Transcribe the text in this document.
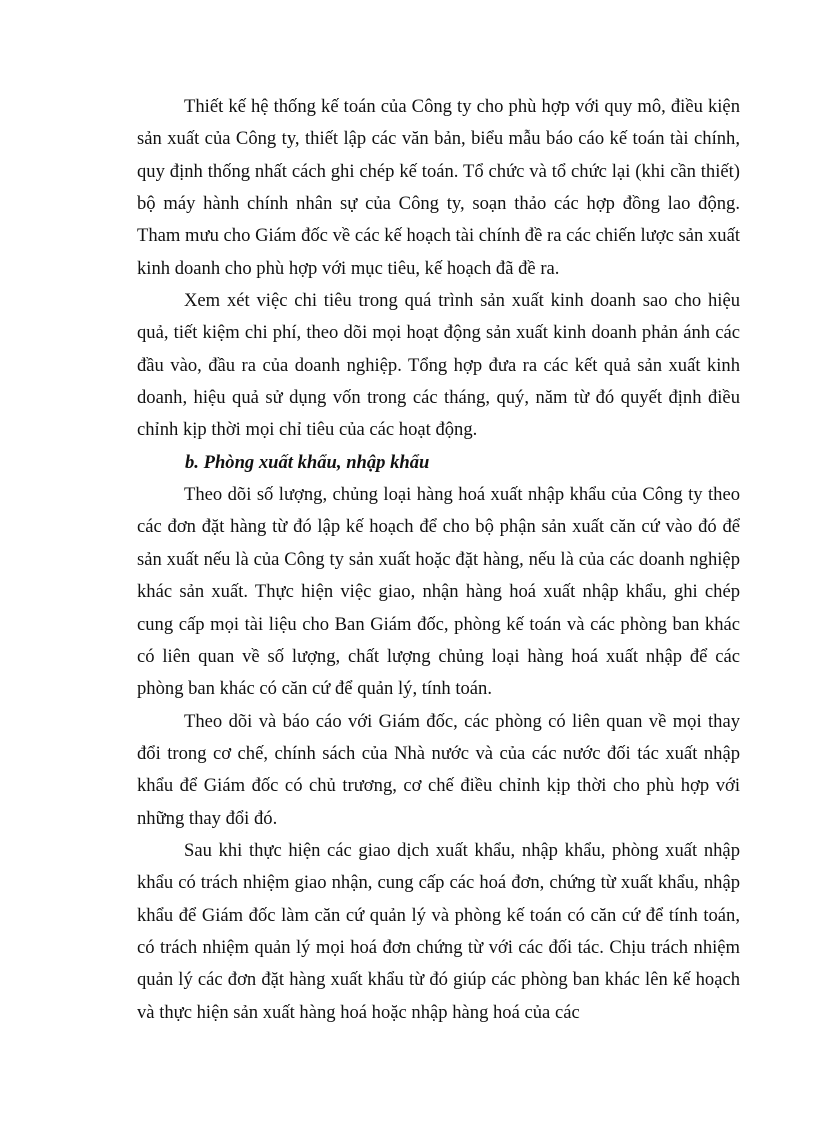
Thiết kế hệ thống kế toán của Công ty cho phù hợp với quy mô, điều kiện sản xuất của Công ty, thiết lập các văn bản, biểu mẫu báo cáo kế toán tài chính, quy định thống nhất cách ghi chép kế toán. Tổ chức và tổ chức lại (khi cần thiết) bộ máy hành chính nhân sự của Công ty, soạn thảo các hợp đồng lao động. Tham mưu cho Giám đốc về các kế hoạch tài chính đề ra các chiến lược sản xuất kinh doanh cho phù hợp với mục tiêu, kế hoạch đã đề ra.

Xem xét việc chi tiêu trong quá trình sản xuất kinh doanh sao cho hiệu quả, tiết kiệm chi phí, theo dõi mọi hoạt động sản xuất kinh doanh phản ánh các đầu vào, đầu ra của doanh nghiệp. Tổng hợp đưa ra các kết quả sản xuất kinh doanh, hiệu quả sử dụng vốn trong các tháng, quý, năm từ đó quyết định điều chỉnh kịp thời mọi chỉ tiêu của các hoạt động.

b. Phòng xuất khẩu, nhập khẩu

Theo dõi số lượng, chủng loại hàng hoá xuất nhập khẩu của Công ty theo các đơn đặt hàng từ đó lập kế hoạch để cho bộ phận sản xuất căn cứ vào đó để sản xuất nếu là của Công ty sản xuất hoặc đặt hàng, nếu là của các doanh nghiệp khác sản xuất. Thực hiện việc giao, nhận hàng hoá xuất nhập khẩu, ghi chép cung cấp mọi tài liệu cho Ban Giám đốc, phòng kế toán và các phòng ban khác có liên quan về số lượng, chất lượng chủng loại hàng hoá xuất nhập để các phòng ban khác có căn cứ để quản lý, tính toán.

Theo dõi và báo cáo với Giám đốc, các phòng có liên quan về mọi thay đổi trong cơ chế, chính sách của Nhà nước và của các nước đối tác xuất nhập khẩu để Giám đốc có chủ trương, cơ chế điều chỉnh kịp thời cho phù hợp với những thay đổi đó.

Sau khi thực hiện các giao dịch xuất khẩu, nhập khẩu, phòng xuất nhập khẩu có trách nhiệm giao nhận, cung cấp các hoá đơn, chứng từ xuất khẩu, nhập khẩu để Giám đốc làm căn cứ quản lý và phòng kế toán có căn cứ để tính toán, có trách nhiệm quản lý mọi hoá đơn chứng từ với các đối tác. Chịu trách nhiệm quản lý các đơn đặt hàng xuất khẩu từ đó giúp các phòng ban khác lên kế hoạch và thực hiện sản xuất hàng hoá hoặc nhập hàng hoá của các
